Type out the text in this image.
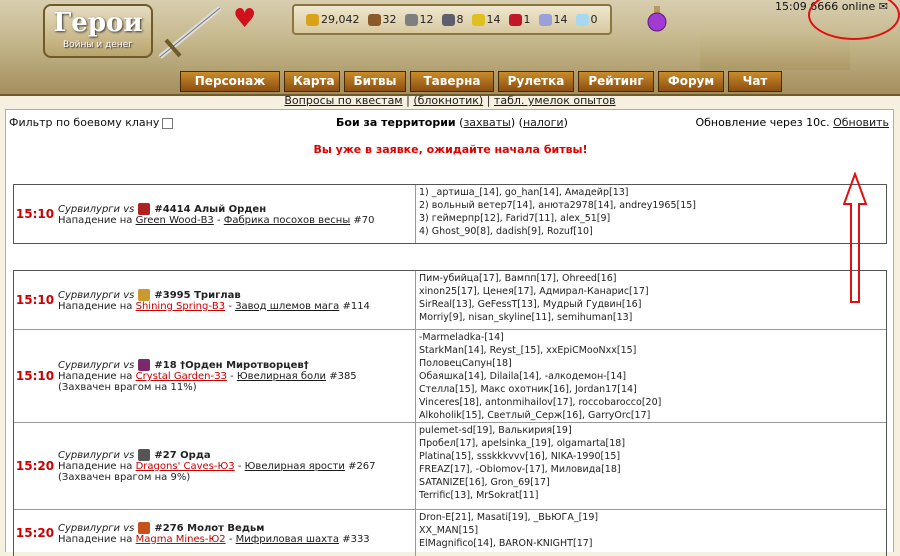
Герои
Войны и денег
♥	29,042 32 12 8 14 1 14 0
15:09 6666 online ✉
Персонаж	Карта	Битвы	Таверна	Рулетка	Рейтинг	Форум	Чат
Вопросы по квестам | (блокнотик) | табл. умелок опытов
Фильтр по боевому клану	Бои за территории (захваты) (налоги)	Обновление через 10с. Обновить
Вы уже в заявке, ожидайте начала битвы!
15:10 Сурвилурги vs #4414 Алый Орден
Нападение на Green Wood-В3 - Фабрика посохов весны #70
1) _артиша_[14], go_han[14], Амадейр[13]
2) вольный ветер7[14], анюта2978[14], andrey1965[15]
3) геймерпр[12], Farid7[11], alex_51[9]
4) Ghost_90[8], dadish[9], Rozuf[10]
15:10 Сурвилурги vs #3995 Триглав
Нападение на Shining Spring-В3 - Завод шлемов мага #114
Пим-убийца[17], Вампп[17], Ohreed[16]
xinon25[17], Ценея[17], Адмирал-Канарис[17]
SirReal[13], GeFessT[13], Мудрый Гудвин[16]
Morriy[9], nisan_skyline[11], semihuman[13]
15:10
Сурвилурги vs #18 †Орден Миротворцев†
Нападение на Crystal Garden-ЗЗ - Ювелирная боли #385
(Захвачен врагом на 11%)
-Marmeladka-[14]
StarkMan[14], Reyst_[15], xxEpiCMooNxx[15]
ПоловецСапун[18]
Обаяшка[14], Dilaila[14], -алкодемон-[14]
Стелла[15], Макс охотник[16], Jordan17[14]
Vinceres[18], antonmihailov[17], roccobarocco[20]
Alkoholik[15], Светлый_Серж[16], GarryOrc[17]
15:20
Сурвилурги vs #27 Орда
Нападение на Dragons' Caves-Ю3 - Ювелирная ярости #267
(Захвачен врагом на 9%)
pulemet-sd[19], Валькирия[19]
Пробел[17], apelsinka_[19], olgamarta[18]
Platina[15], ssskkkvvv[16], NIKA-1990[15]
FREAZ[17], -Oblomov-[17], Миловида[18]
SATANIZE[16], Gron_69[17]
Terrific[13], MrSokrat[11]
15:20 Сурвилурги vs #276 Молот Ведьм
Нападение на Magma Mines-Ю2 - Мифриловая шахта #333
Dron-E[21], Masati[19], _ВЬЮГА_[19]
XX_MAN[15]
ElMagnifico[14], BARON-KNIGHT[17]
